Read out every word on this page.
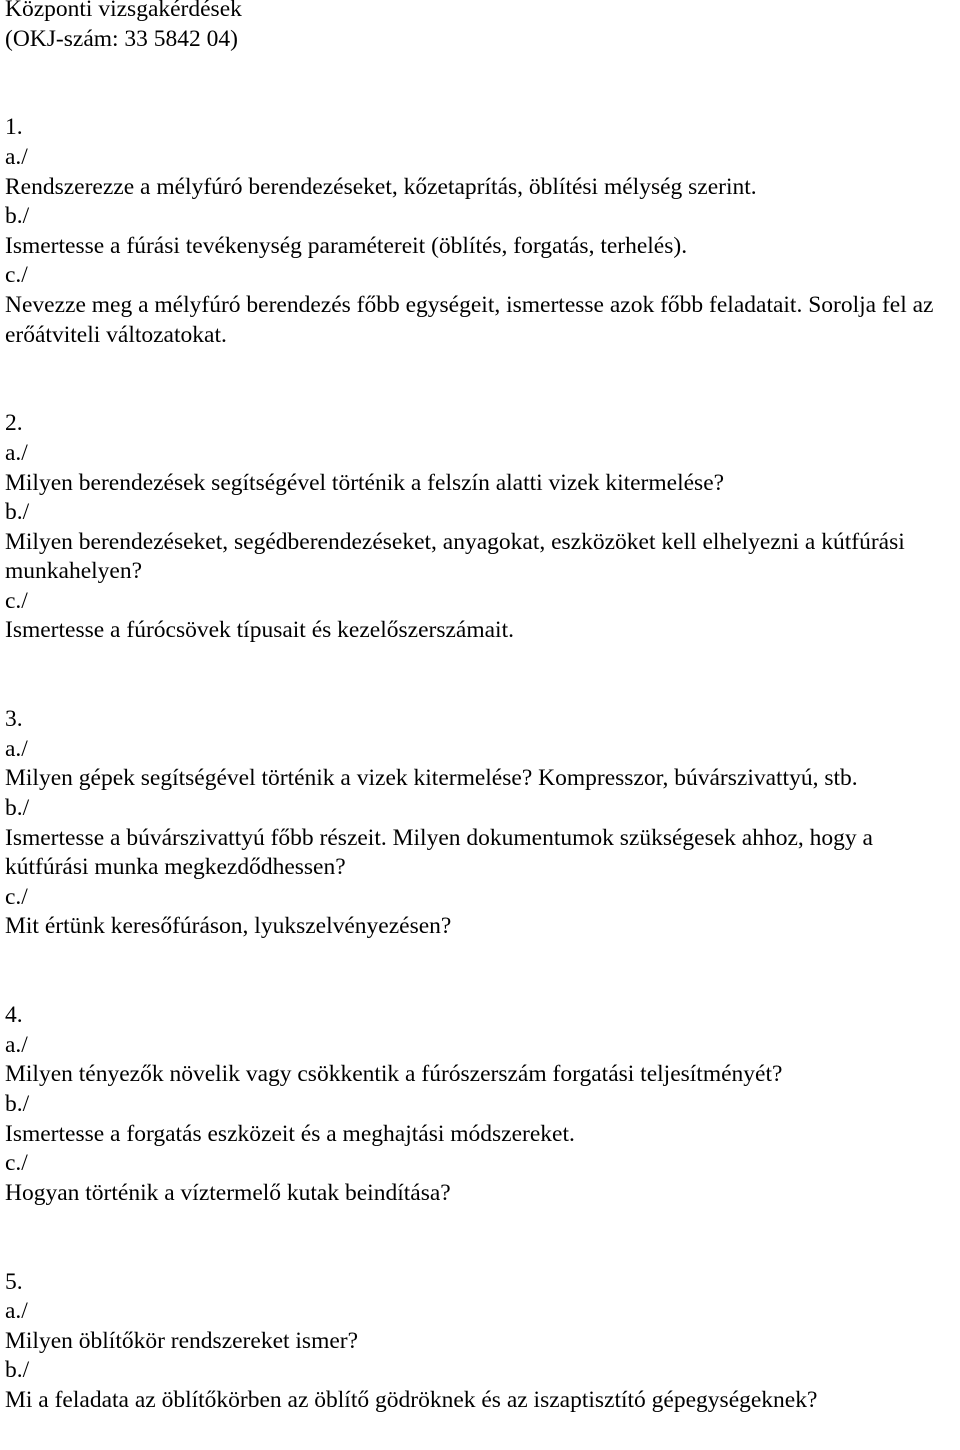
Központi vizsgakérdések
(OKJ-szám: 33 5842 04)
1.
a./
Rendszerezze a mélyfúró berendezéseket, kőzetaprítás, öblítési mélység szerint.
b./
Ismertesse a fúrási tevékenység paramétereit (öblítés, forgatás, terhelés).
c./
Nevezze meg a mélyfúró berendezés főbb egységeit, ismertesse azok főbb feladatait. Sorolja fel az erőátviteli változatokat.
2.
a./
Milyen berendezések segítségével történik a felszín alatti vizek kitermelése?
b./
Milyen berendezéseket, segédberendezéseket, anyagokat, eszközöket kell elhelyezni a kútfúrási munkahelyen?
c./
Ismertesse a fúrócsövek típusait és kezelőszerszámait.
3.
a./
Milyen gépek segítségével történik a vizek kitermelése? Kompresszor, búvárszivattyú, stb.
b./
Ismertesse a búvárszivattyú főbb részeit. Milyen dokumentumok szükségesek ahhoz, hogy a kútfúrási munka megkezdődhessen?
c./
Mit értünk keresőfúráson, lyukszelvényezésen?
4.
a./
Milyen tényezők növelik vagy csökkentik a fúrószerszám forgatási teljesítményét?
b./
Ismertesse a forgatás eszközeit és a meghajtási módszereket.
c./
Hogyan történik a víztermelő kutak beindítása?
5.
a./
Milyen öblítőkör rendszereket ismer?
b./
Mi a feladata az öblítőkörben az öblítő gödröknek és az iszaptisztító gépegységeknek?
